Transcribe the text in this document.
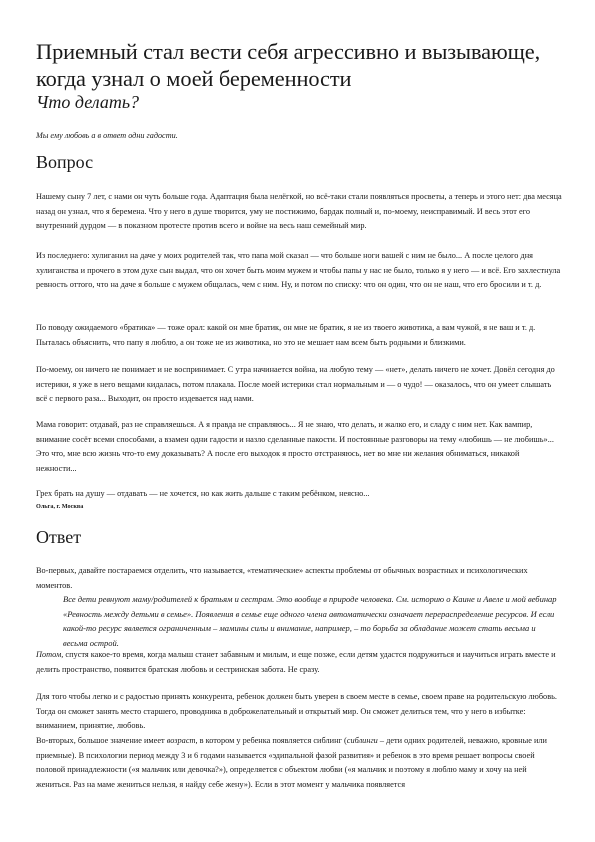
Приемный стал вести себя агрессивно и вызывающе, когда узнал о моей беременности
Что делать?
Мы ему любовь а в ответ одни гадости.
Вопрос

Нашему сыну 7 лет, с нами он чуть больше года. Адаптация была нелёгкой, но всё-таки стали появляться просветы, а теперь и этого нет: два месяца назад он узнал, что я беремена. Что у него в душе творится, уму не постижимо, бардак полный и, по-моему, неисправимый. И весь этот его внутренний дурдом — в показном протесте против всего и войне на весь наш семейный мир.

Из последнего: хулиганил на даче у моих родителей так, что папа мой сказал — что больше ноги вашей с ним не было... А после целого дня хулиганства и прочего в этом духе сын выдал, что он хочет быть моим мужем и чтобы папы у нас не было, только я у него — и всё. Его захлестнула ревность оттого, что на даче я больше с мужем общалась, чем с ним. Ну, и потом по списку: что он один, что он не наш, что его бросили и т. д.

По поводу ожидаемого «братика» — тоже орал: какой он мне братик, он мне не братик, я не из твоего животика, а вам чужой, я не ваш и т. д. Пыталась объяснить, что папу я люблю, а он тоже не из животика, но это не мешает нам всем быть родными и близкими.

По-моему, он ничего не понимает и не воспринимает. С утра начинается война, на любую тему — «нет», делать ничего не хочет. Довёл сегодня до истерики, я уже в него вещами кидалась, потом плакала. После моей истерики стал нормальным и — о чудо! — оказалось, что он умеет слышать всё с первого раза... Выходит, он просто издевается над нами.

Мама говорит: отдавай, раз не справляешься. А я правда не справляюсь... Я не знаю, что делать, и жалко его, и сладу с ним нет. Как вампир, внимание сосёт всеми способами, а взамен одни гадости и назло сделанные пакости. И постоянные разговоры на тему «любишь — не любишь»... Это что, мне всю жизнь что-то ему доказывать? А после его выходок я просто отстраняюсь, нет во мне ни желания обниматься, никакой нежности...

Грех брать на душу — отдавать — не хочется, но как жить дальше с таким ребёнком, неясно...

Ольга, г. Москва

Ответ

Во-первых, давайте постараемся отделить, что называется, «тематические» аспекты проблемы от обычных возрастных и психологических моментов.

Все дети ревнуют маму/родителей к братьям и сестрам. Это вообще в природе человека. См. историю о Каине и Авеле и мой вебинар «Ревность между детьми в семье». Появления в семье еще одного члена автоматически означает перераспределение ресурсов. И если какой-то ресурс является ограниченным – мамины силы и внимание, например, – то борьба за обладание может стать весьма и весьма острой.

Потом, спустя какое-то время, когда малыш станет забавным и милым, и еще позже, если детям удастся подружиться и научиться играть вместе и делить пространство, появится братская любовь и сестринская забота. Не сразу.

Для того чтобы легко и с радостью принять конкурента, ребенок должен быть уверен в своем месте в семье, своем праве на родительскую любовь. Тогда он сможет занять место старшего, проводника в доброжелательный и открытый мир. Он сможет делиться тем, что у него в избытке: вниманием, принятие, любовь.

Во-вторых, большое значение имеет возраст, в котором у ребенка появляется сиблинг (сиблинги – дети одних родителей, неважно, кровные или приемные). В психологии период между 3 и 6 годами называется «эдипальной фазой развития» и ребенок в это время решает вопросы своей половой принадлежности («я мальчик или девочка?»), определяется с объектом любви («я мальчик и поэтому я люблю маму и хочу на ней жениться. Раз на маме жениться нельзя, я найду себе жену»). Если в этот момент у мальчика появляется
